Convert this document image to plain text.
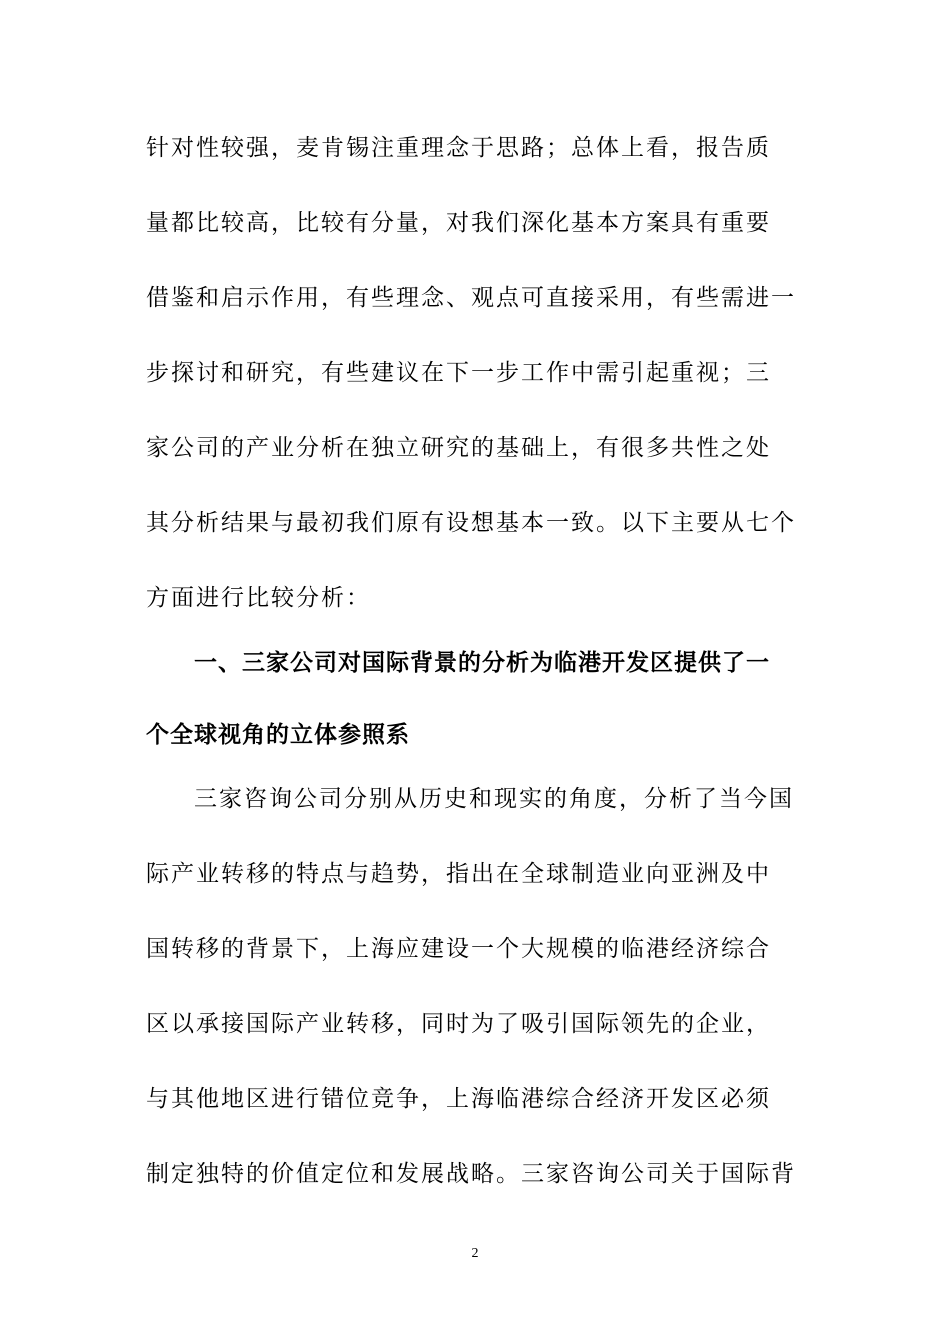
针对性较强，麦肯锡注重理念于思路；总体上看，报告质
量都比较高，比较有分量，对我们深化基本方案具有重要
借鉴和启示作用，有些理念、观点可直接采用，有些需进一
步探讨和研究，有些建议在下一步工作中需引起重视；三
家公司的产业分析在独立研究的基础上，有很多共性之处
其分析结果与最初我们原有设想基本一致。以下主要从七个
方面进行比较分析：
一、三家公司对国际背景的分析为临港开发区提供了一
个全球视角的立体参照系
三家咨询公司分别从历史和现实的角度，分析了当今国
际产业转移的特点与趋势，指出在全球制造业向亚洲及中
国转移的背景下，上海应建设一个大规模的临港经济综合
区以承接国际产业转移，同时为了吸引国际领先的企业，
与其他地区进行错位竞争，上海临港综合经济开发区必须
制定独特的价值定位和发展战略。三家咨询公司关于国际背
2
